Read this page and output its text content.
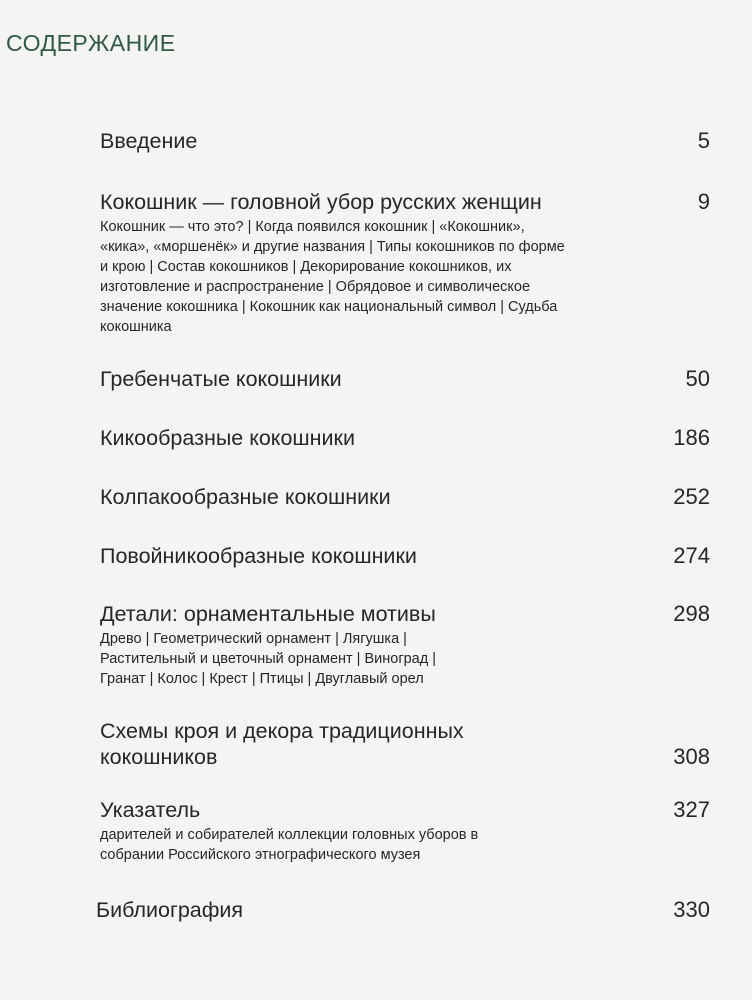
СОДЕРЖАНИЕ
Введение	5
Кокошник — головной убор русских женщин	9
Кокошник — что это? | Когда появился кокошник | «Кокошник», «кика», «моршенёк» и другие названия | Типы кокошников по форме и крою | Состав кокошников | Декорирование кокошников, их изготовление и распространение | Обрядовое и символическое значение кокошника | Кокошник как национальный символ | Судьба кокошника
Гребенчатые кокошники	50
Кикообразные кокошники	186
Колпакообразные кокошники	252
Повойникообразные кокошники	274
Детали: орнаментальные мотивы	298
Древо | Геометрический орнамент | Лягушка | Растительный и цветочный орнамент | Виноград | Гранат | Колос | Крест | Птицы | Двуглавый орел
Схемы кроя и декора традиционных кокошников	308
Указатель	327
дарителей и собирателей коллекции головных уборов в собрании Российского этнографического музея
Библиография	330
